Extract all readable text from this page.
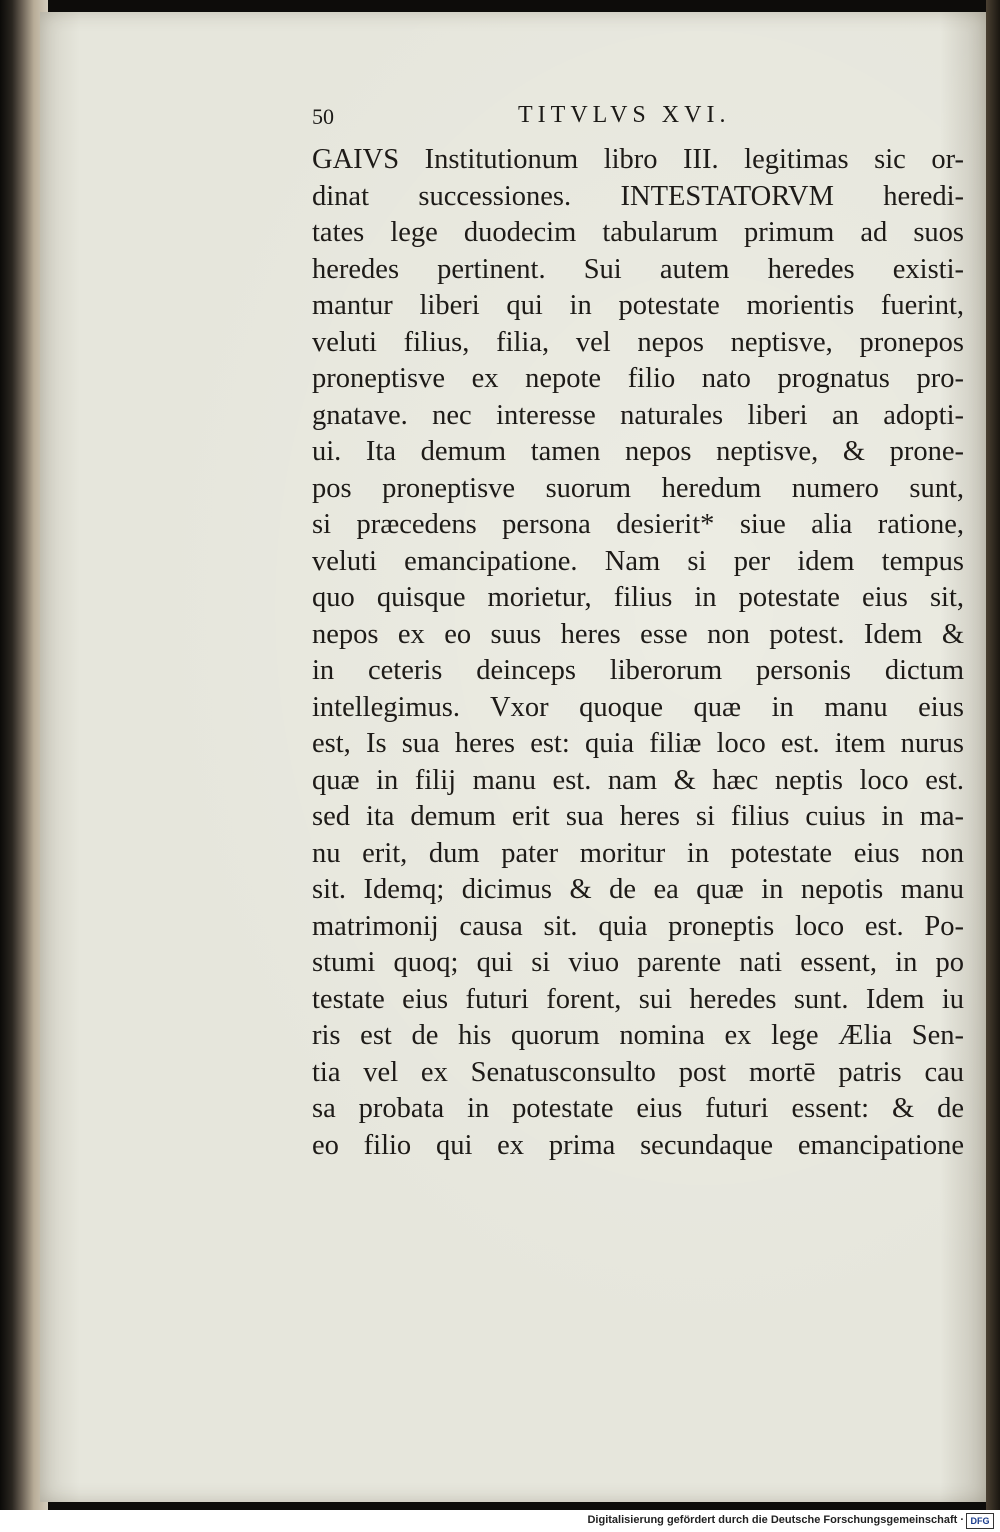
50	TITVLVS XVI.
GAIVS Institutionum libro III. legitimas sic or-
dinat successiones. INTESTATORVM heredi-
tates lege duodecim tabularum primum ad suos
heredes pertinent. Sui autem heredes existi-
mantur liberi qui in potestate morientis fuerint,
veluti filius, filia, vel nepos neptisve, pronepos
proneptisve ex nepote filio nato prognatus pro-
gnatave. nec interesse naturales liberi an adopti-
ui. Ita demum tamen nepos neptisve, & prone-
pos proneptisve suorum heredum numero sunt,
si præcedens persona desierit* siue alia ratione,
veluti emancipatione. Nam si per idem tempus
quo quisque morietur, filius in potestate eius sit,
nepos ex eo suus heres esse non potest. Idem &
in ceteris deinceps liberorum personis dictum
intellegimus. Vxor quoque quæ in manu eius
est, Is sua heres est: quia filiæ loco est. item nurus
quæ in filij manu est. nam & hæc neptis loco est.
sed ita demum erit sua heres si filius cuius in ma-
nu erit, dum pater moritur in potestate eius non
sit. Idemq; dicimus & de ea quæ in nepotis manu
matrimonij causa sit. quia proneptis loco est. Po-
stumi quoq; qui si viuo parente nati essent, in po
testate eius futuri forent, sui heredes sunt. Idem iu
ris est de his quorum nomina ex lege Ælia Sen-
tia vel ex Senatusconsulto post mortē patris cau
sa probata in potestate eius futuri essent: & de
eo filio qui ex prima secundaque emancipatione
Digitalisierung gefördert durch die Deutsche Forschungsgemeinschaft · DFG
